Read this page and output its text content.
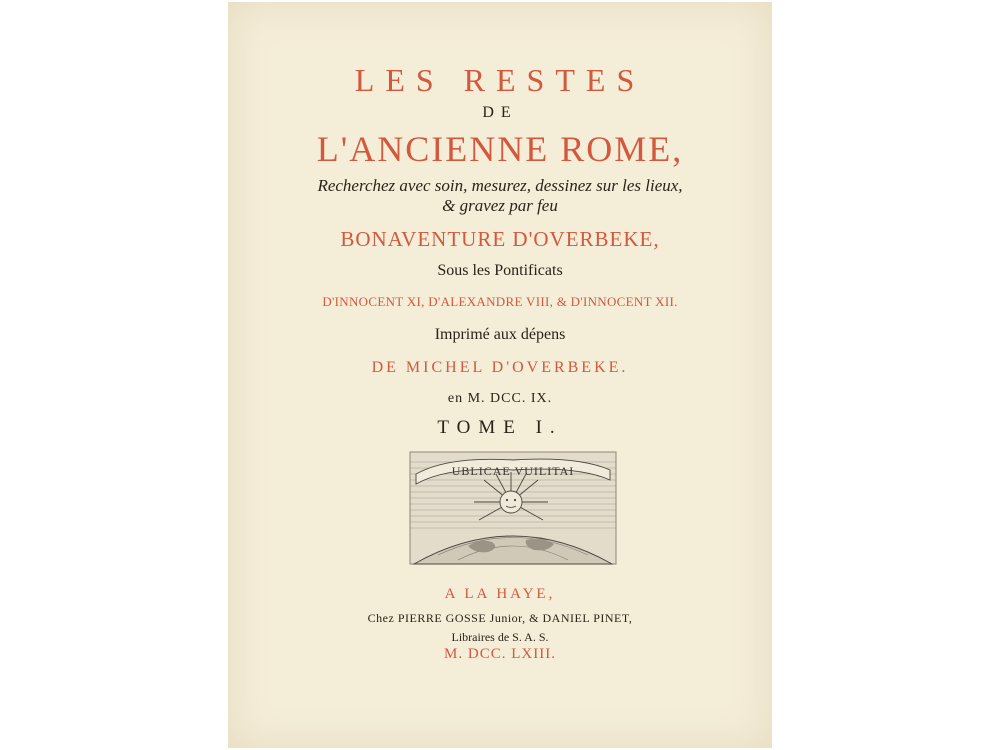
LES RESTES
DE
L'ANCIENNE ROME,
Recherchez avec soin, mesurez, dessinez sur les lieux,
& gravez par feu
BONAVENTURE D'OVERBEKE,
Sous les Pontificats
D'INNOCENT XI, D'ALEXANDRE VIII, & D'INNOCENT XII.
Imprimé aux dépens
DE MICHEL D'OVERBEKE.
en M. DCC. IX.
TOME I.
UBLICAE VUILITAI
A LA HAYE,
Chez PIERRE GOSSE Junior, & DANIEL PINET,
Libraires de S. A. S.
M. DCC. LXIII.
